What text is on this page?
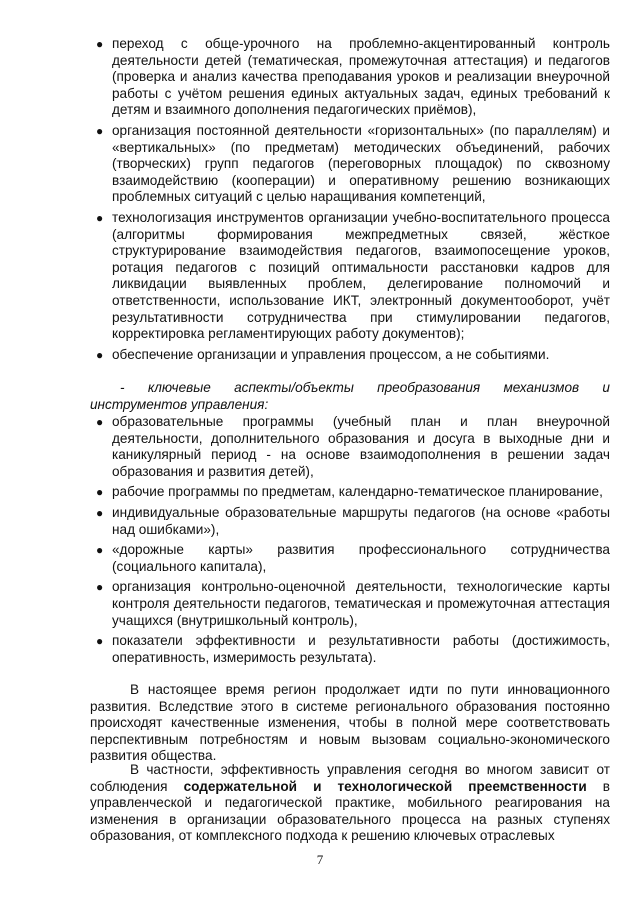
● переход с обще-урочного на проблемно-акцентированный контроль деятельности детей (тематическая, промежуточная аттестация) и педагогов (проверка и анализ качества преподавания уроков и реализации внеурочной работы с учётом решения единых актуальных задач, единых требований к детям и взаимного дополнения педагогических приёмов),
● организация постоянной деятельности «горизонтальных» (по параллелям) и «вертикальных» (по предметам) методических объединений, рабочих (творческих) групп педагогов (переговорных площадок) по сквозному взаимодействию (кооперации) и оперативному решению возникающих проблемных ситуаций с целью наращивания компетенций,
● технологизация инструментов организации учебно-воспитательного процесса (алгоритмы формирования межпредметных связей, жёсткое структурирование взаимодействия педагогов, взаимопосещение уроков, ротация педагогов с позиций оптимальности расстановки кадров для ликвидации выявленных проблем, делегирование полномочий и ответственности, использование ИКТ, электронный документооборот, учёт результативности сотрудничества при стимулировании педагогов, корректировка регламентирующих работу документов);
● обеспечение организации и управления процессом, а не событиями.

- ключевые аспекты/объекты преобразования механизмов и инструментов управления:

● образовательные программы (учебный план и план внеурочной деятельности, дополнительного образования и досуга в выходные дни и каникулярный период - на основе взаимодополнения в решении задач образования и развития детей),
● рабочие программы по предметам, календарно-тематическое планирование,
● индивидуальные образовательные маршруты педагогов (на основе «работы над ошибками»),
● «дорожные карты» развития профессионального сотрудничества (социального капитала),
● организация контрольно-оценочной деятельности, технологические карты контроля деятельности педагогов, тематическая и промежуточная аттестация учащихся (внутришкольный контроль),
● показатели эффективности и результативности работы (достижимость, оперативность, измеримость результата).

В настоящее время регион продолжает идти по пути инновационного развития. Вследствие этого в системе регионального образования постоянно происходят качественные изменения, чтобы в полной мере соответствовать перспективным потребностям и новым вызовам социально-экономического развития общества.

В частности, эффективность управления сегодня во многом зависит от соблюдения содержательной и технологической преемственности в управленческой и педагогической практике, мобильного реагирования на изменения в организации образовательного процесса на разных ступенях образования, от комплексного подхода к решению ключевых отраслевых

7
